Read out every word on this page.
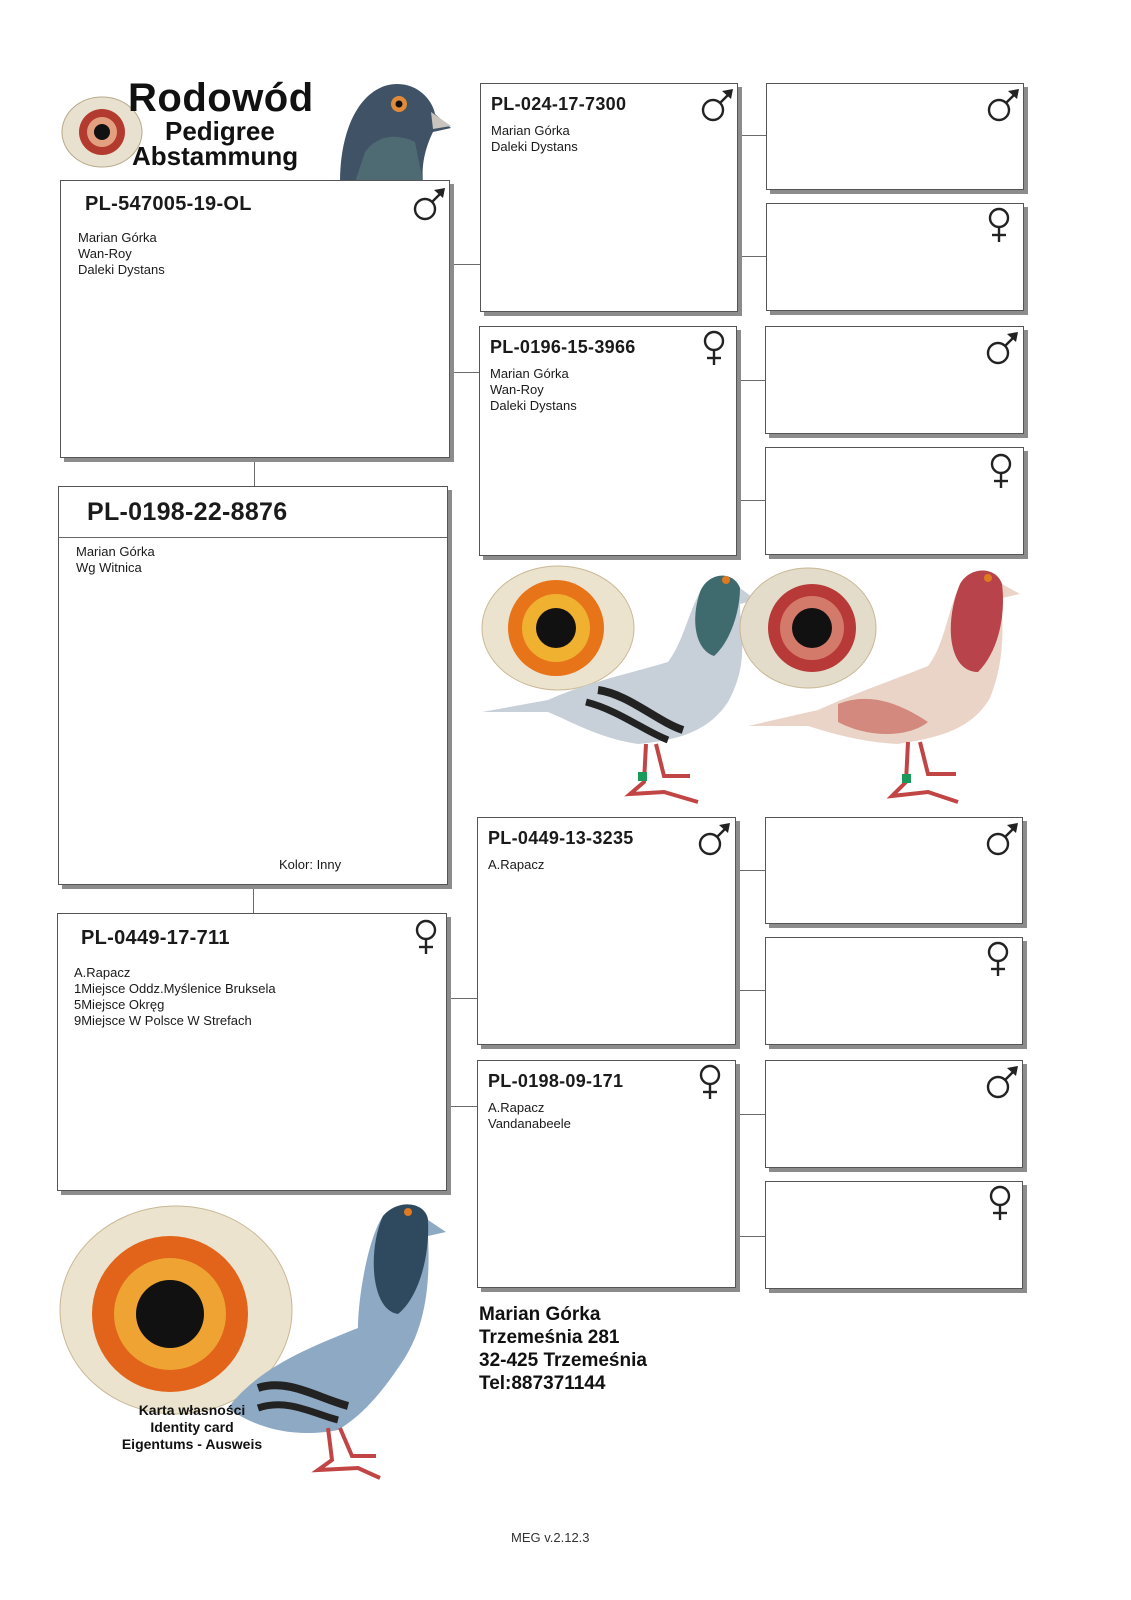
Rodowód
Pedigree
Abstammung
PL-547005-19-OL
Marian Górka
Wan-Roy
Daleki Dystans
PL-0198-22-8876
Marian Górka
Wg Witnica
Kolor: Inny
PL-0449-17-711
A.Rapacz
1Miejsce Oddz.Myślenice Bruksela
5Miejsce Okręg
9Miejsce W Polsce W Strefach
PL-024-17-7300
Marian Górka
Daleki Dystans
PL-0196-15-3966
Marian Górka
Wan-Roy
Daleki Dystans
PL-0449-13-3235
A.Rapacz
PL-0198-09-171
A.Rapacz
Vandanabeele
Karta własności
Identity card
Eigentums - Ausweis
Marian Górka
Trzemeśnia 281
32-425 Trzemeśnia
Tel:887371144
MEG v.2.12.3
